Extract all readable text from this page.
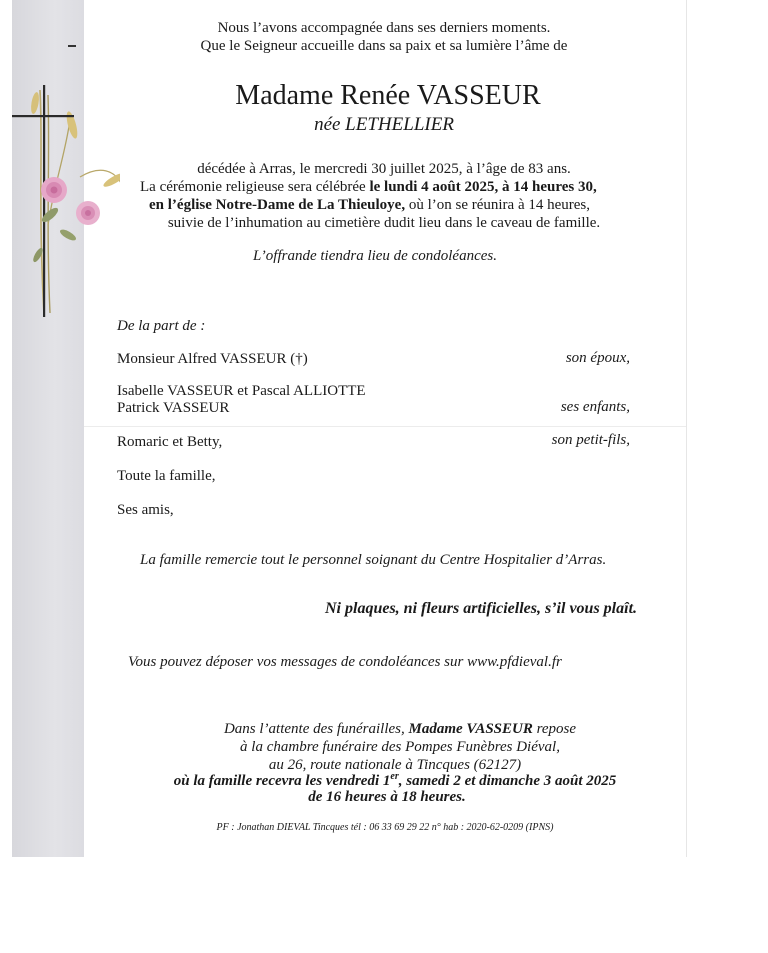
Nous l’avons accompagnée dans ses derniers moments.
Que le Seigneur accueille dans sa paix et sa lumière l’âme de
Madame Renée VASSEUR
née LETHELLIER
décédée à Arras, le mercredi 30 juillet 2025, à l’âge de 83 ans.
La cérémonie religieuse sera célébrée le lundi 4 août 2025, à 14 heures 30,
en l’église Notre-Dame de La Thieuloye, où l’on se réunira à 14 heures,
suivie de l’inhumation au cimetière dudit lieu dans le caveau de famille.
L’offrande tiendra lieu de condoléances.
De la part de :
Monsieur Alfred VASSEUR (†)	son époux,
Isabelle VASSEUR et Pascal ALLIOTTE
Patrick VASSEUR	ses enfants,
Romaric et Betty,	son petit-fils,
Toute la famille,
Ses amis,
La famille remercie tout le personnel soignant du Centre Hospitalier d’Arras.
Ni plaques, ni fleurs artificielles, s’il vous plaît.
Vous pouvez déposer vos messages de condoléances sur www.pfdieval.fr
Dans l’attente des funérailles, Madame VASSEUR repose
à la chambre funéraire des Pompes Funèbres Diéval,
au 26, route nationale à Tincques (62127)
où la famille recevra les vendredi 1er, samedi 2 et dimanche 3 août 2025
de 16 heures à 18 heures.
PF : Jonathan DIEVAL Tincques tél : 06 33 69 29 22 n° hab : 2020-62-0209 (IPNS)
